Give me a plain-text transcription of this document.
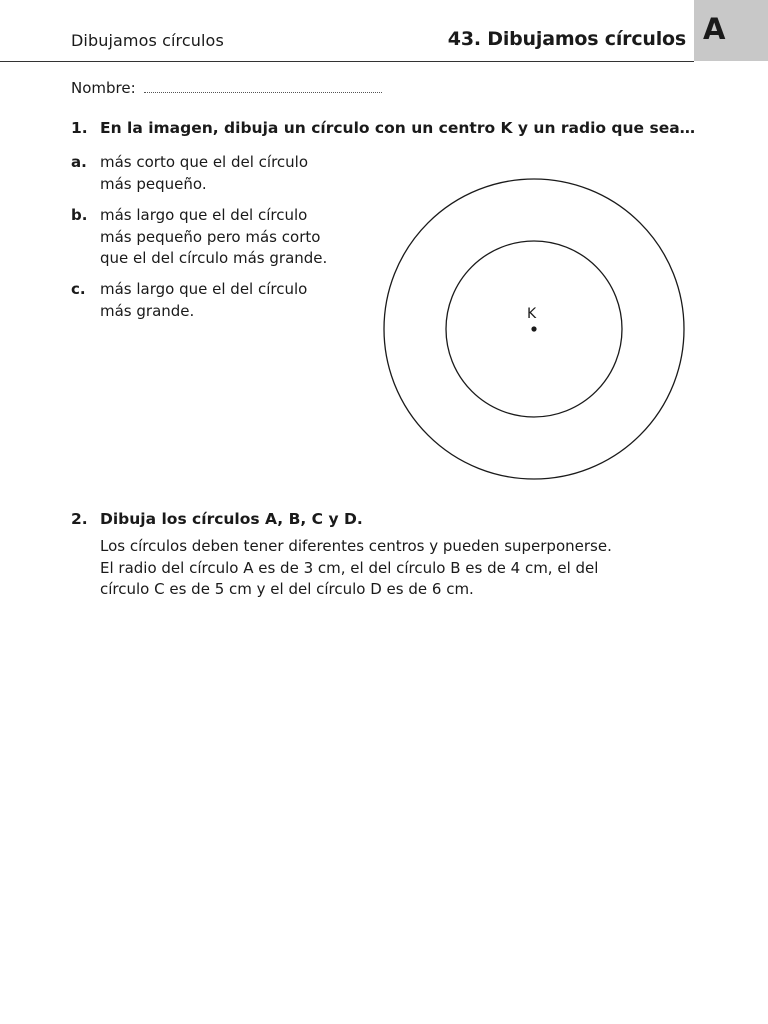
Dibujamos círculos	43. Dibujamos círculos A
Nombre:
1. En la imagen, dibuja un círculo con un centro K y un radio que sea…
a. más corto que el del círculo
más pequeño.
b. más largo que el del círculo
más pequeño pero más corto
que el del círculo más grande.
c. más largo que el del círculo
más grande.	K
2. Dibuja los círculos A, B, C y D.
Los círculos deben tener diferentes centros y pueden superponerse.
El radio del círculo A es de 3 cm, el del círculo B es de 4 cm, el del
círculo C es de 5 cm y el del círculo D es de 6 cm.
